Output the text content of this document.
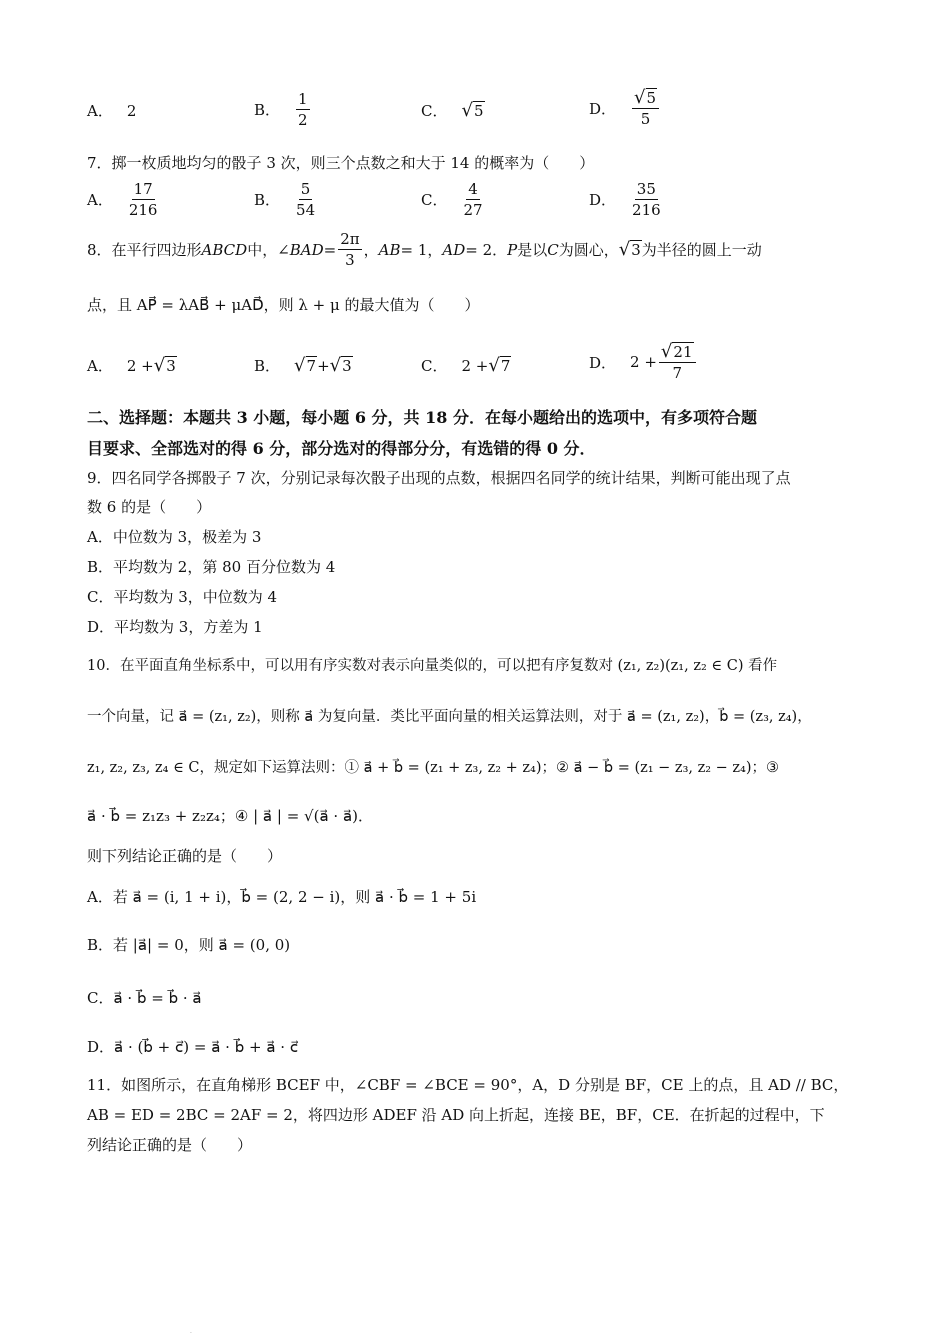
A． 2	B． $\frac{1}{2}$	C． √ 5	D． $\frac{√ 5}{5}$
7．掷一枚质地均匀的骰子 3 次，则三个点数之和大于 14 的概率为（　　）
A． $\frac{17}{216}$	B． $\frac{5}{54}$	C． $\frac{4}{27}$	D． $\frac{35}{216}$
8．在平行四边形 ABCD 中，∠ BAD = $\frac{2\pi}{3}$ ， AB = 1， AD = 2． P 是以 C 为圆心， √ 3 为半径的圆上一动
点，且 AP⃗ = λAB⃗ + μAD⃗，则 λ + μ 的最大值为（　　）
A． 2 + √ 3	B． √ 7 + √ 3	C． 2 + √ 7	D． $2 + \frac{√ 21}{7}$
二、选择题：本题共 3 小题，每小题 6 分，共 18 分．在每小题给出的选项中，有多项符合题
目要求、全部选对的得 6 分，部分选对的得部分分，有选错的得 0 分．
9．四名同学各掷骰子 7 次，分别记录每次骰子出现的点数，根据四名同学的统计结果，判断可能出现了点
数 6 的是（　　）
A．中位数为 3，极差为 3
B．平均数为 2，第 80 百分位数为 4
C．平均数为 3，中位数为 4
D．平均数为 3，方差为 1
10．在平面直角坐标系中，可以用有序实数对表示向量类似的，可以把有序复数对 (z₁, z₂)(z₁, z₂ ∈ C) 看作
一个向量，记 a⃗ = (z₁, z₂)，则称 a⃗ 为复向量．类比平面向量的相关运算法则，对于 a⃗ = (z₁, z₂)，b⃗ = (z₃, z₄)，
z₁, z₂, z₃, z₄ ∈ C，规定如下运算法则：① a⃗ + b⃗ = (z₁ + z₃, z₂ + z₄)；② a⃗ − b⃗ = (z₁ − z₃, z₂ − z₄)；③
a⃗ · b⃗ = z₁z₃ + z₂z₄；④ | a⃗ | = √(a⃗ · a⃗)．
则下列结论正确的是（　　）
A．若 a⃗ = (i, 1 + i)，b⃗ = (2, 2 − i)，则 a⃗ · b⃗ = 1 + 5i
B．若 |a⃗| = 0，则 a⃗ = (0, 0)
C．a⃗ · b⃗ = b⃗ · a⃗
D．a⃗ · (b⃗ + c⃗) = a⃗ · b⃗ + a⃗ · c⃗
11．如图所示，在直角梯形 BCEF 中，∠CBF = ∠BCE = 90°，A，D 分别是 BF，CE 上的点，且 AD // BC，
AB = ED = 2BC = 2AF = 2，将四边形 ADEF 沿 AD 向上折起，连接 BE，BF，CE．在折起的过程中，下
列结论正确的是（　　）
·
